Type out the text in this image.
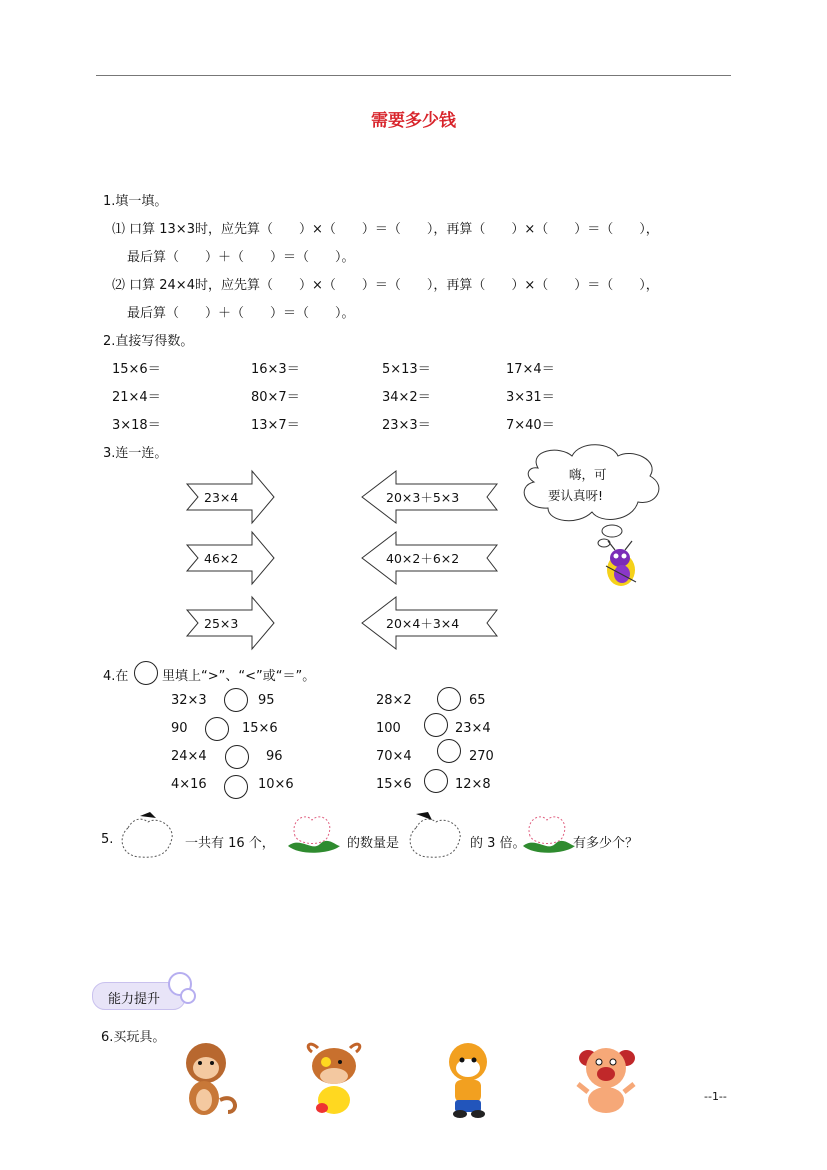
需要多少钱
1.填一填。
⑴ 口算 13×3时，应先算（　　）×（　　）＝（　　），再算（　　）×（　　）＝（　　），
最后算（　　）＋（　　）＝（　　）。
⑵ 口算 24×4时，应先算（　　）×（　　）＝（　　），再算（　　）×（　　）＝（　　），
最后算（　　）＋（　　）＝（　　）。
2.直接写得数。
15×6＝	16×3＝	5×13＝	17×4＝
21×4＝	80×7＝	34×2＝	3×31＝
3×18＝	13×7＝	23×3＝	7×40＝
3.连一连。
23×4
46×2
25×3
20×3＋5×3
40×2＋6×2
20×4＋3×4
嗨，可
要认真呀!
4.在	里填上“>”、“<”或“＝”。
32×3	95
90	15×6
24×4	96
4×16	10×6
28×2	65
100	23×4
70×4	270
15×6	12×8
5.	一共有 16 个，	的数量是	的 3 倍。	有多少个？
能力提升
6.买玩具。
--1--
